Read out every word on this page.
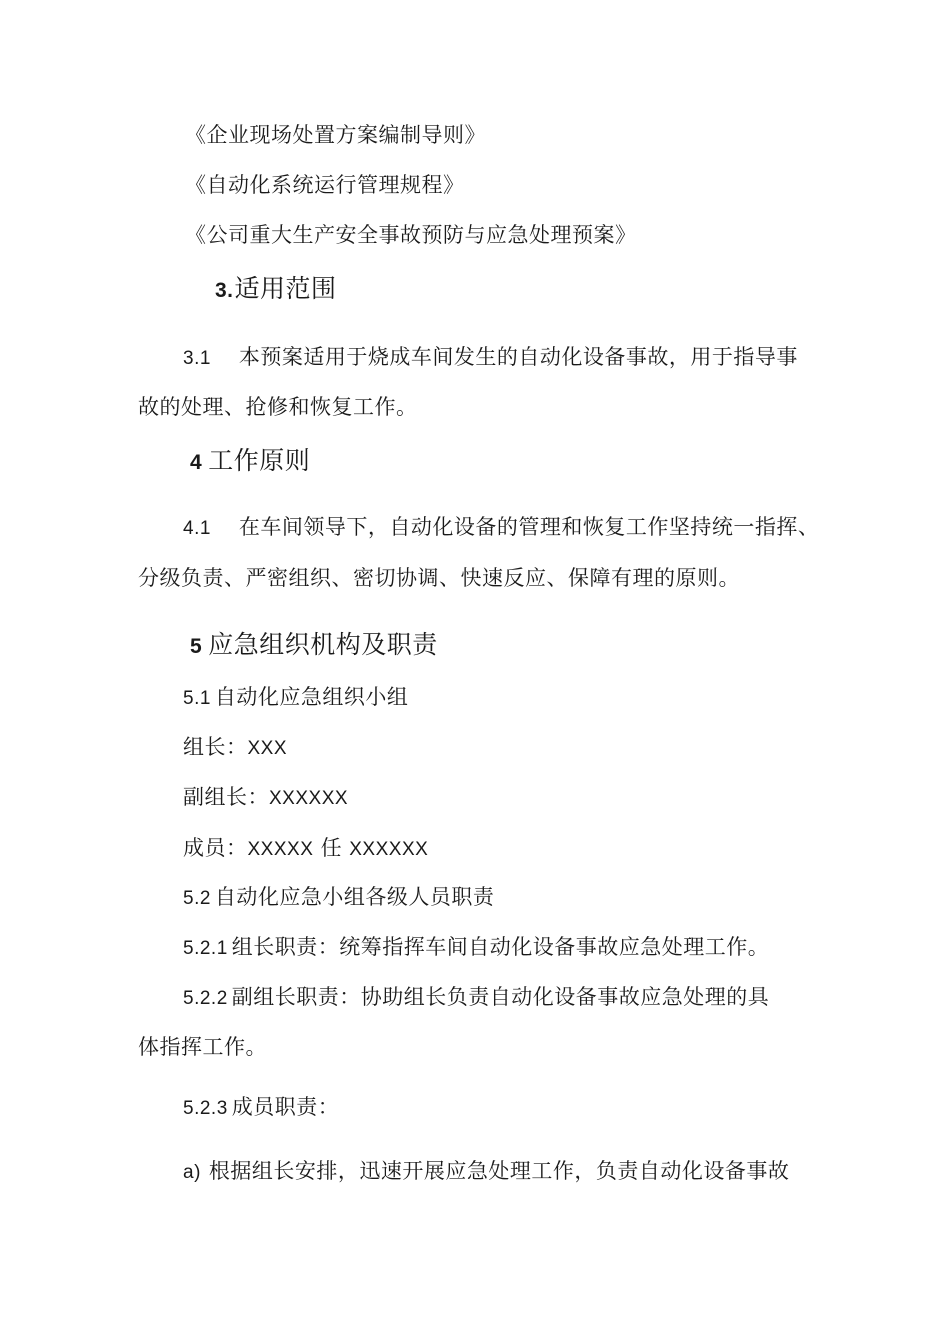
《企业现场处置方案编制导则》
《自动化系统运行管理规程》
《公司重大生产安全事故预防与应急处理预案》
3.适用范围
3.1 本预案适用于烧成车间发生的自动化设备事故，用于指导事
故的处理、抢修和恢复工作。
4 工作原则
4.1 在车间领导下，自动化设备的管理和恢复工作坚持统一指挥、
分级负责、严密组织、密切协调、快速反应、保障有理的原则。
5 应急组织机构及职责
5.1 自动化应急组织小组
组长：XXX
副组长：XXXXXX
成员：XXXXX 任 XXXXXX
5.2 自动化应急小组各级人员职责
5.2.1 组长职责：统筹指挥车间自动化设备事故应急处理工作。
5.2.2 副组长职责：协助组长负责自动化设备事故应急处理的具
体指挥工作。
5.2.3 成员职责：
a) 根据组长安排，迅速开展应急处理工作，负责自动化设备事故
